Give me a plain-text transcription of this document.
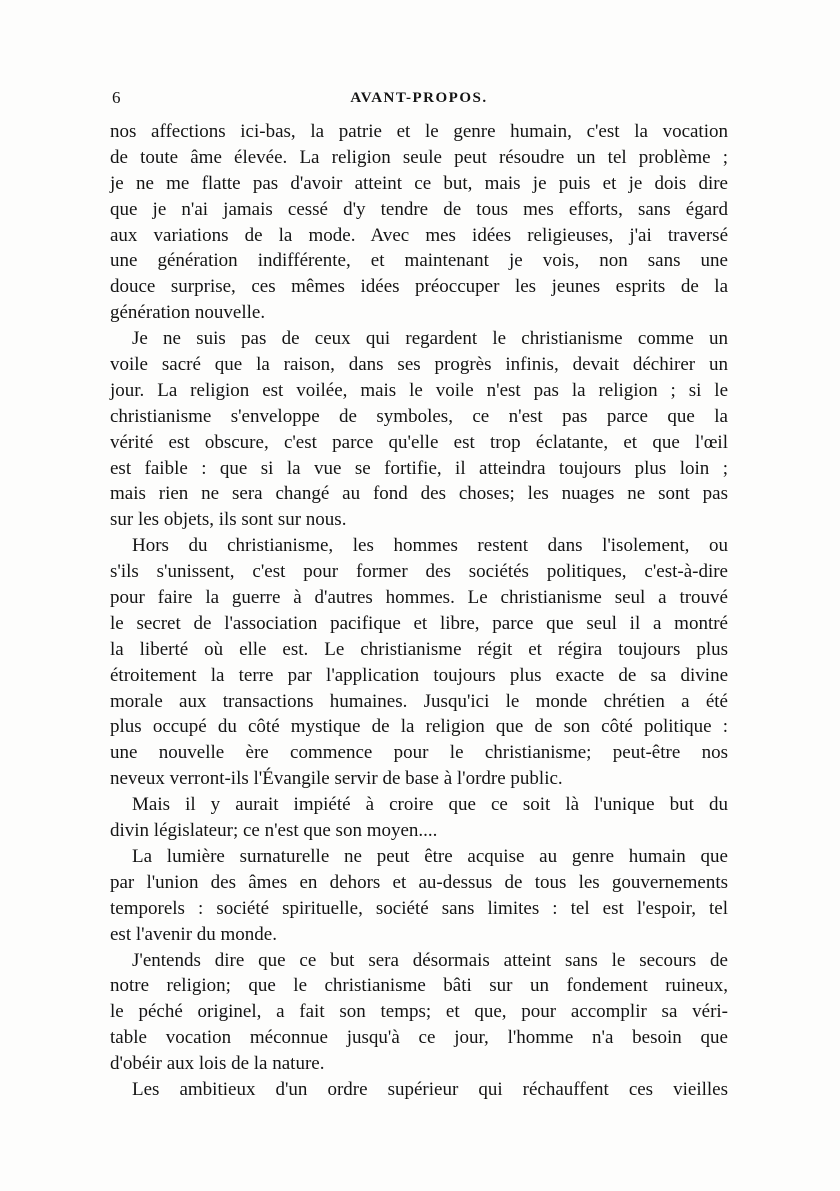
6	AVANT-PROPOS.
nos affections ici-bas, la patrie et le genre humain, c'est la vocation
de toute âme élevée. La religion seule peut résoudre un tel problème ;
je ne me flatte pas d'avoir atteint ce but, mais je puis et je dois dire
que je n'ai jamais cessé d'y tendre de tous mes efforts, sans égard
aux variations de la mode. Avec mes idées religieuses, j'ai traversé
une génération indifférente, et maintenant je vois, non sans une
douce surprise, ces mêmes idées préoccuper les jeunes esprits de la
génération nouvelle.
Je ne suis pas de ceux qui regardent le christianisme comme un
voile sacré que la raison, dans ses progrès infinis, devait déchirer un
jour. La religion est voilée, mais le voile n'est pas la religion ; si le
christianisme s'enveloppe de symboles, ce n'est pas parce que la
vérité est obscure, c'est parce qu'elle est trop éclatante, et que l'œil
est faible : que si la vue se fortifie, il atteindra toujours plus loin ;
mais rien ne sera changé au fond des choses; les nuages ne sont pas
sur les objets, ils sont sur nous.
Hors du christianisme, les hommes restent dans l'isolement, ou
s'ils s'unissent, c'est pour former des sociétés politiques, c'est-à-dire
pour faire la guerre à d'autres hommes. Le christianisme seul a trouvé
le secret de l'association pacifique et libre, parce que seul il a montré
la liberté où elle est. Le christianisme régit et régira toujours plus
étroitement la terre par l'application toujours plus exacte de sa divine
morale aux transactions humaines. Jusqu'ici le monde chrétien a été
plus occupé du côté mystique de la religion que de son côté politique :
une nouvelle ère commence pour le christianisme; peut-être nos
neveux verront-ils l'Évangile servir de base à l'ordre public.
Mais il y aurait impiété à croire que ce soit là l'unique but du
divin législateur; ce n'est que son moyen....
La lumière surnaturelle ne peut être acquise au genre humain que
par l'union des âmes en dehors et au-dessus de tous les gouvernements
temporels : société spirituelle, société sans limites : tel est l'espoir, tel
est l'avenir du monde.
J'entends dire que ce but sera désormais atteint sans le secours de
notre religion; que le christianisme bâti sur un fondement ruineux,
le péché originel, a fait son temps; et que, pour accomplir sa véri-
table vocation méconnue jusqu'à ce jour, l'homme n'a besoin que
d'obéir aux lois de la nature.
Les ambitieux d'un ordre supérieur qui réchauffent ces vieilles
